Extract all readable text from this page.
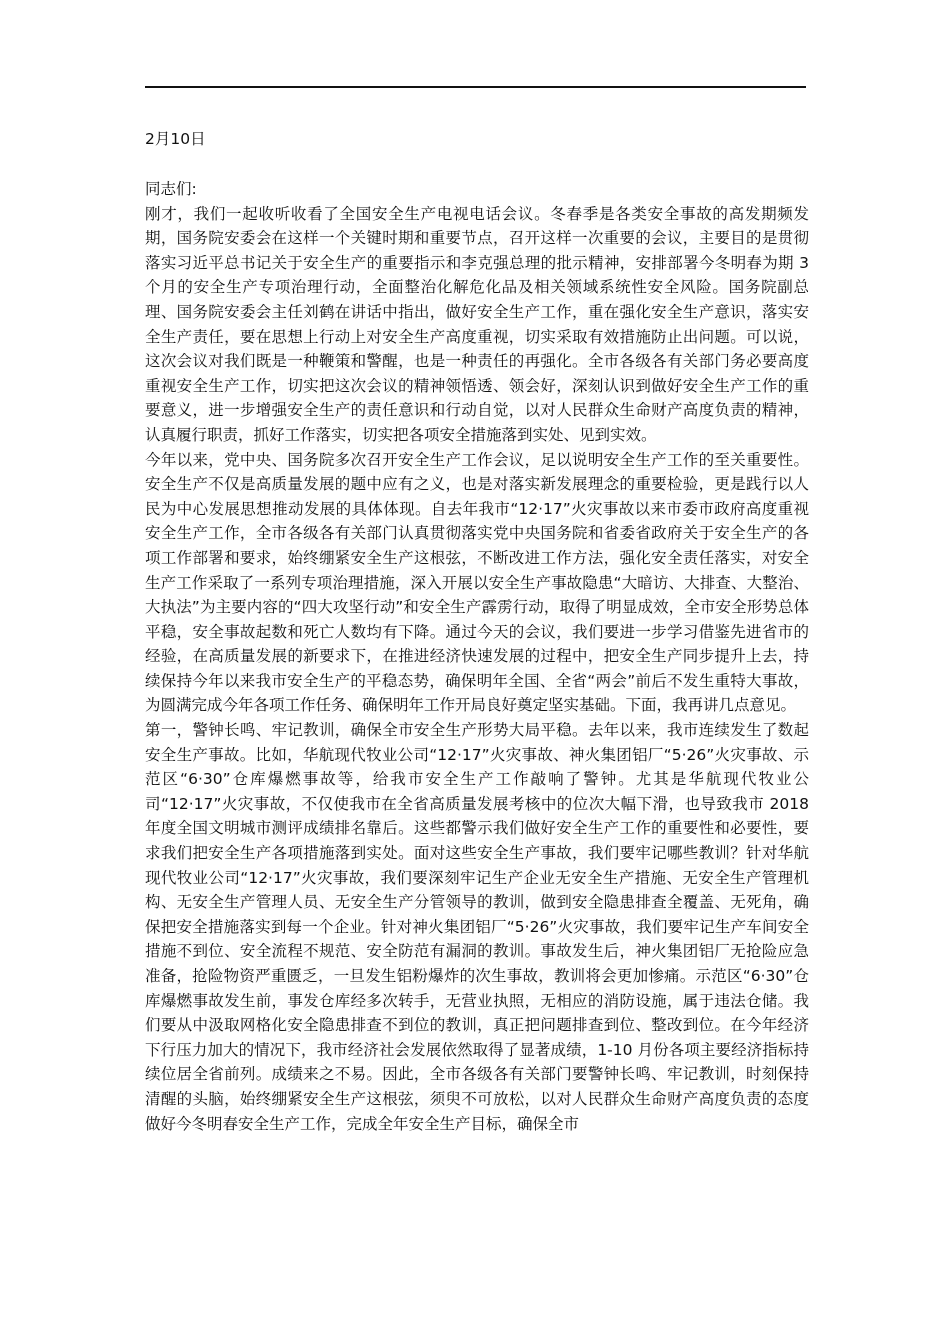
2月10日

同志们:

刚才，我们一起收听收看了全国安全生产电视电话会议。冬春季是各类安全事故的高发期频发期，国务院安委会在这样一个关键时期和重要节点，召开这样一次重要的会议，主要目的是贯彻落实习近平总书记关于安全生产的重要指示和李克强总理的批示精神，安排部署今冬明春为期 3 个月的安全生产专项治理行动，全面整治化解危化品及相关领域系统性安全风险。国务院副总理、国务院安委会主任刘鹤在讲话中指出，做好安全生产工作，重在强化安全生产意识，落实安全生产责任，要在思想上行动上对安全生产高度重视，切实采取有效措施防止出问题。可以说，这次会议对我们既是一种鞭策和警醒，也是一种责任的再强化。全市各级各有关部门务必要高度重视安全生产工作，切实把这次会议的精神领悟透、领会好，深刻认识到做好安全生产工作的重要意义，进一步增强安全生产的责任意识和行动自觉，以对人民群众生命财产高度负责的精神，认真履行职责，抓好工作落实，切实把各项安全措施落到实处、见到实效。

今年以来，党中央、国务院多次召开安全生产工作会议，足以说明安全生产工作的至关重要性。安全生产不仅是高质量发展的题中应有之义，也是对落实新发展理念的重要检验，更是践行以人民为中心发展思想推动发展的具体体现。自去年我市“12·17”火灾事故以来市委市政府高度重视安全生产工作，全市各级各有关部门认真贯彻落实党中央国务院和省委省政府关于安全生产的各项工作部署和要求，始终绷紧安全生产这根弦，不断改进工作方法，强化安全责任落实，对安全生产工作采取了一系列专项治理措施，深入开展以安全生产事故隐患“大暗访、大排查、大整治、大执法”为主要内容的“四大攻坚行动”和安全生产霹雳行动，取得了明显成效，全市安全形势总体平稳，安全事故起数和死亡人数均有下降。通过今天的会议，我们要进一步学习借鉴先进省市的经验，在高质量发展的新要求下，在推进经济快速发展的过程中，把安全生产同步提升上去，持续保持今年以来我市安全生产的平稳态势，确保明年全国、全省“两会”前后不发生重特大事故，为圆满完成今年各项工作任务、确保明年工作开局良好奠定坚实基础。下面，我再讲几点意见。

第一，警钟长鸣、牢记教训，确保全市安全生产形势大局平稳。去年以来，我市连续发生了数起安全生产事故。比如，华航现代牧业公司“12·17”火灾事故、神火集团铝厂“5·26”火灾事故、示范区“6·30”仓库爆燃事故等，给我市安全生产工作敲响了警钟。尤其是华航现代牧业公司“12·17”火灾事故，不仅使我市在全省高质量发展考核中的位次大幅下滑，也导致我市 2018 年度全国文明城市测评成绩排名靠后。这些都警示我们做好安全生产工作的重要性和必要性，要求我们把安全生产各项措施落到实处。面对这些安全生产事故，我们要牢记哪些教训？针对华航现代牧业公司“12·17”火灾事故，我们要深刻牢记生产企业无安全生产措施、无安全生产管理机构、无安全生产管理人员、无安全生产分管领导的教训，做到安全隐患排查全覆盖、无死角，确保把安全措施落实到每一个企业。针对神火集团铝厂“5·26”火灾事故，我们要牢记生产车间安全措施不到位、安全流程不规范、安全防范有漏洞的教训。事故发生后，神火集团铝厂无抢险应急准备，抢险物资严重匮乏，一旦发生铝粉爆炸的次生事故，教训将会更加惨痛。示范区“6·30”仓库爆燃事故发生前，事发仓库经多次转手，无营业执照，无相应的消防设施，属于违法仓储。我们要从中汲取网格化安全隐患排查不到位的教训，真正把问题排查到位、整改到位。在今年经济下行压力加大的情况下，我市经济社会发展依然取得了显著成绩，1-10 月份各项主要经济指标持续位居全省前列。成绩来之不易。因此，全市各级各有关部门要警钟长鸣、牢记教训，时刻保持清醒的头脑，始终绷紧安全生产这根弦，须臾不可放松，以对人民群众生命财产高度负责的态度做好今冬明春安全生产工作，完成全年安全生产目标，确保全市
